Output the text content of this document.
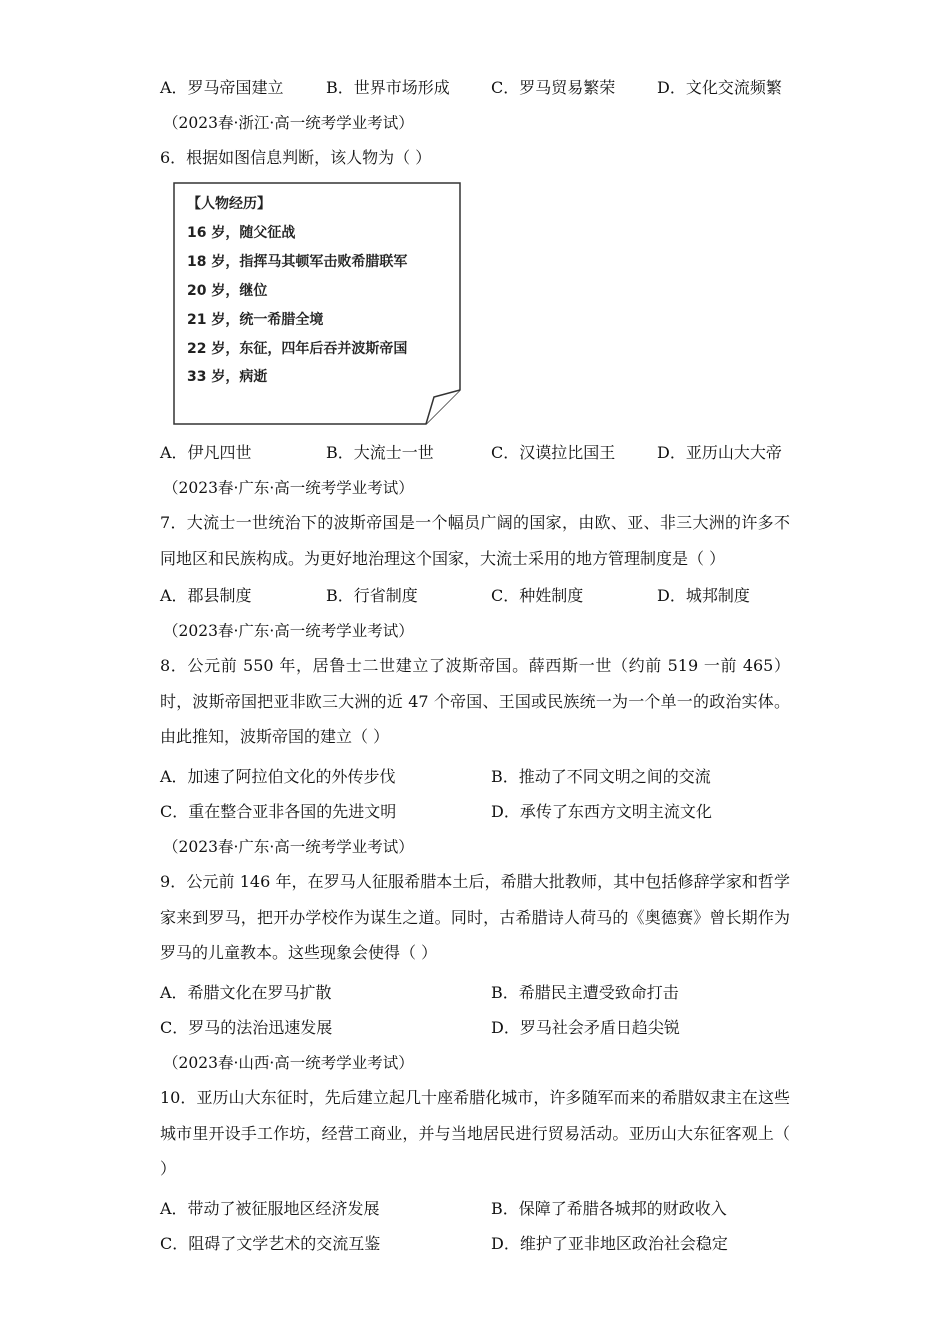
A．罗马帝国建立	B．世界市场形成	C．罗马贸易繁荣	D．文化交流频繁
（2023春·浙江·高一统考学业考试）
6．根据如图信息判断，该人物为（ ）
【人物经历】
16 岁，随父征战
18 岁，指挥马其顿军击败希腊联军
20 岁，继位
21 岁，统一希腊全境
22 岁，东征，四年后吞并波斯帝国
33 岁，病逝
A．伊凡四世	B．大流士一世	C．汉谟拉比国王	D．亚历山大大帝
（2023春·广东·高一统考学业考试）
7．大流士一世统治下的波斯帝国是一个幅员广阔的国家，由欧、亚、非三大洲的许多不同地区和民族构成。为更好地治理这个国家，大流士采用的地方管理制度是（ ）
A．郡县制度	B．行省制度	C．种姓制度	D．城邦制度
（2023春·广东·高一统考学业考试）
8．公元前 550 年，居鲁士二世建立了波斯帝国。薛西斯一世（约前 519 一前 465）时，波斯帝国把亚非欧三大洲的近 47 个帝国、王国或民族统一为一个单一的政治实体。由此推知，波斯帝国的建立（ ）
A．加速了阿拉伯文化的外传步伐	B．推动了不同文明之间的交流
C．重在整合亚非各国的先进文明	D．承传了东西方文明主流文化
（2023春·广东·高一统考学业考试）
9．公元前 146 年，在罗马人征服希腊本土后，希腊大批教师，其中包括修辞学家和哲学家来到罗马，把开办学校作为谋生之道。同时，古希腊诗人荷马的《奥德赛》曾长期作为罗马的儿童教本。这些现象会使得（ ）
A．希腊文化在罗马扩散	B．希腊民主遭受致命打击
C．罗马的法治迅速发展	D．罗马社会矛盾日趋尖锐
（2023春·山西·高一统考学业考试）
10．亚历山大东征时，先后建立起几十座希腊化城市，许多随军而来的希腊奴隶主在这些城市里开设手工作坊，经营工商业，并与当地居民进行贸易活动。亚历山大东征客观上（ ）
A．带动了被征服地区经济发展	B．保障了希腊各城邦的财政收入
C．阻碍了文学艺术的交流互鉴	D．维护了亚非地区政治社会稳定
